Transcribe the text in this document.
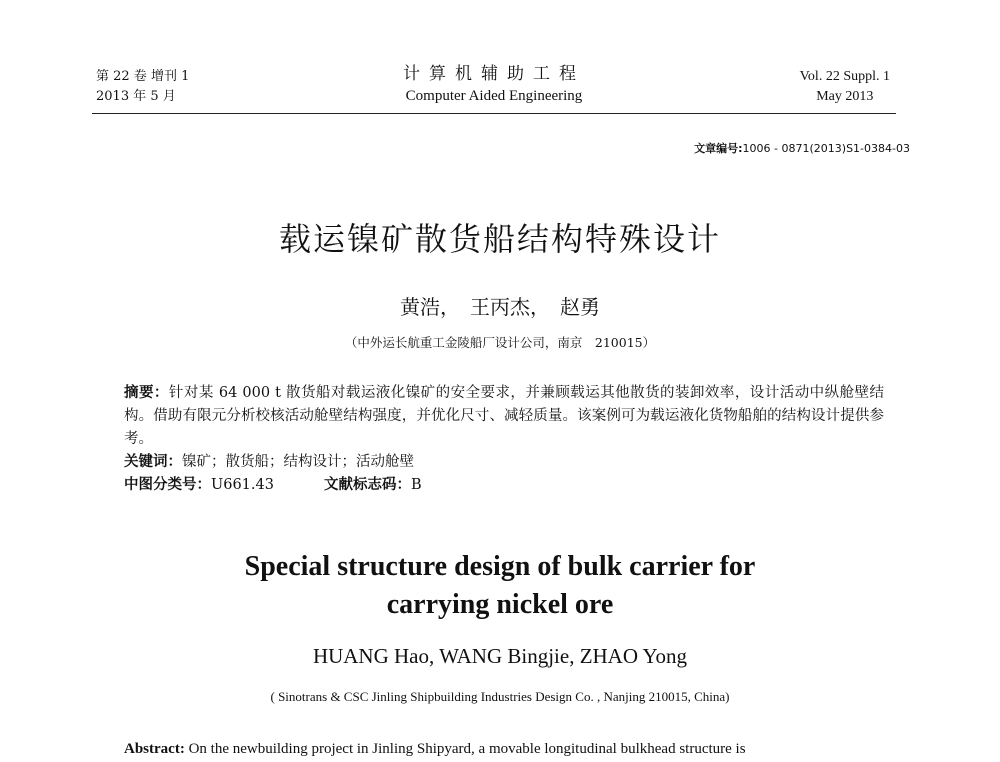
第 22 卷 增刊 1
2013 年 5 月
计算机辅助工程
Computer Aided Engineering
Vol. 22 Suppl. 1
May 2013
文章编号:1006 - 0871(2013)S1-0384-03
载运镍矿散货船结构特殊设计
黄浩，　王丙杰，　赵勇
（中外运长航重工金陵船厂设计公司，南京　210015）
摘要：针对某 64 000 t 散货船对载运液化镍矿的安全要求，并兼顾载运其他散货的装卸效率，设计活动中纵舱壁结构。借助有限元分析校核活动舱壁结构强度，并优化尺寸、减轻质量。该案例可为载运液化货物船舶的结构设计提供参考。
关键词：镍矿；散货船；结构设计；活动舱壁
中图分类号：U661.43	文献标志码：B
Special structure design of bulk carrier for
carrying nickel ore
HUANG Hao, WANG Bingjie, ZHAO Yong
( Sinotrans & CSC Jinling Shipbuilding Industries Design Co. , Nanjing 210015, China)
Abstract: On the newbuilding project in Jinling Shipyard, a movable longitudinal bulkhead structure is
